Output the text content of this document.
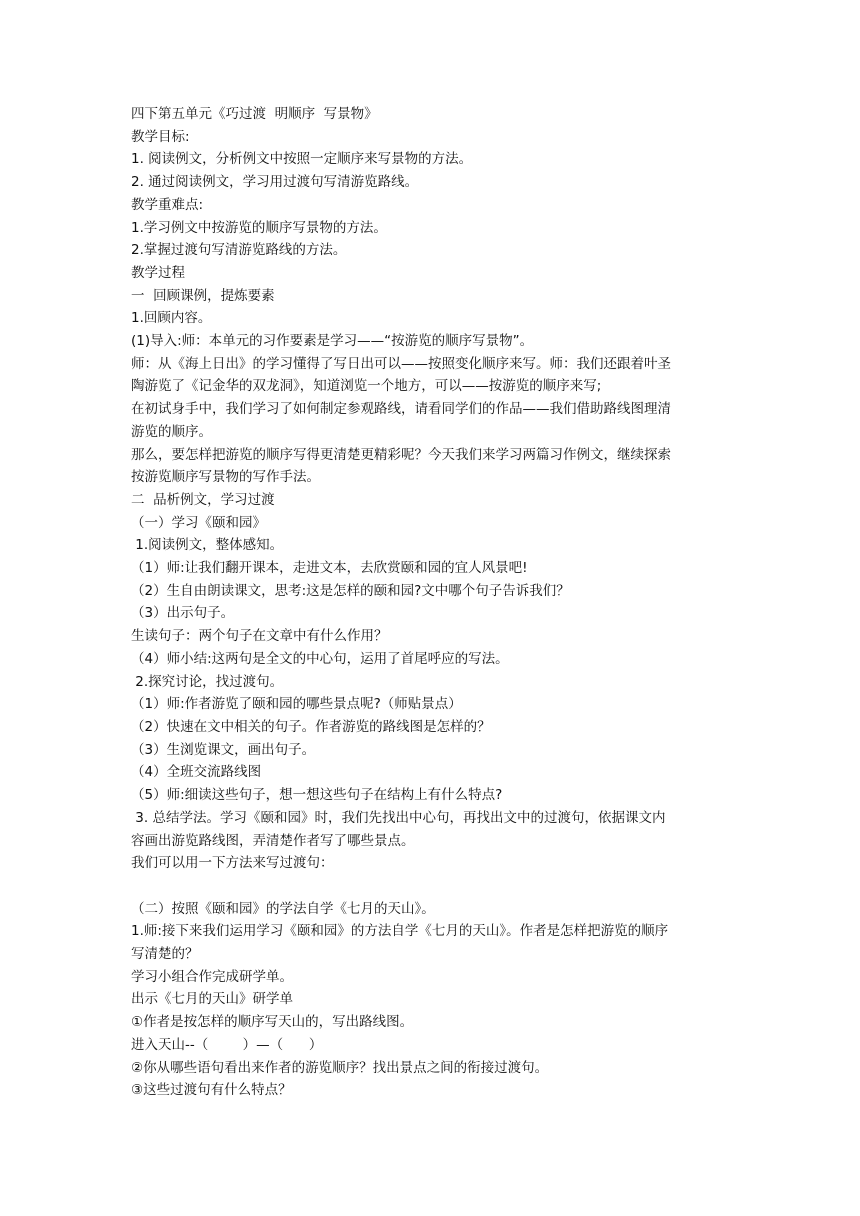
四下第五单元《巧过渡  明顺序  写景物》

教学目标:

1. 阅读例文，分析例文中按照一定顺序来写景物的方法。

2. 通过阅读例文，学习用过渡句写清游览路线。

教学重难点:

1.学习例文中按游览的顺序写景物的方法。

2.掌握过渡句写清游览路线的方法。

教学过程

一  回顾课例，提炼要素

1.回顾内容。

(1)导入:师：本单元的习作要素是学习——“按游览的顺序写景物”。

师：从《海上日出》的学习懂得了写日出可以——按照变化顺序来写。师：我们还跟着叶圣

陶游览了《记金华的双龙洞》，知道浏览一个地方，可以——按游览的顺序来写;

在初试身手中，我们学习了如何制定参观路线，请看同学们的作品——我们借助路线图理清

游览的顺序。

那么，要怎样把游览的顺序写得更清楚更精彩呢？今天我们来学习两篇习作例文，继续探索

按游览顺序写景物的写作手法。

二  品析例文，学习过渡

（一）学习《颐和园》

1.阅读例文，整体感知。

（1）师:让我们翻开课本，走进文本，去欣赏颐和园的宜人风景吧!

（2）生自由朗读课文，思考:这是怎样的颐和园?文中哪个句子告诉我们？

（3）出示句子。

生读句子：两个句子在文章中有什么作用？

（4）师小结:这两句是全文的中心句，运用了首尾呼应的写法。

2.探究讨论，找过渡句。

（1）师:作者游览了颐和园的哪些景点呢?（师贴景点）

（2）快速在文中相关的句子。作者游览的路线图是怎样的？

（3）生浏览课文，画出句子。

（4）全班交流路线图

（5）师:细读这些句子，想一想这些句子在结构上有什么特点?

3. 总结学法。学习《颐和园》时，我们先找出中心句，再找出文中的过渡句，依据课文内

容画出游览路线图，弄清楚作者写了哪些景点。

我们可以用一下方法来写过渡句：

（二）按照《颐和园》的学法自学《七月的天山》。

1.师:接下来我们运用学习《颐和园》的方法自学《七月的天山》。作者是怎样把游览的顺序

写清楚的？

学习小组合作完成研学单。

出示《七月的天山》研学单

①作者是按怎样的顺序写天山的，写出路线图。

进入天山--（        ）—（      ）

②你从哪些语句看出来作者的游览顺序？找出景点之间的衔接过渡句。

③这些过渡句有什么特点？
